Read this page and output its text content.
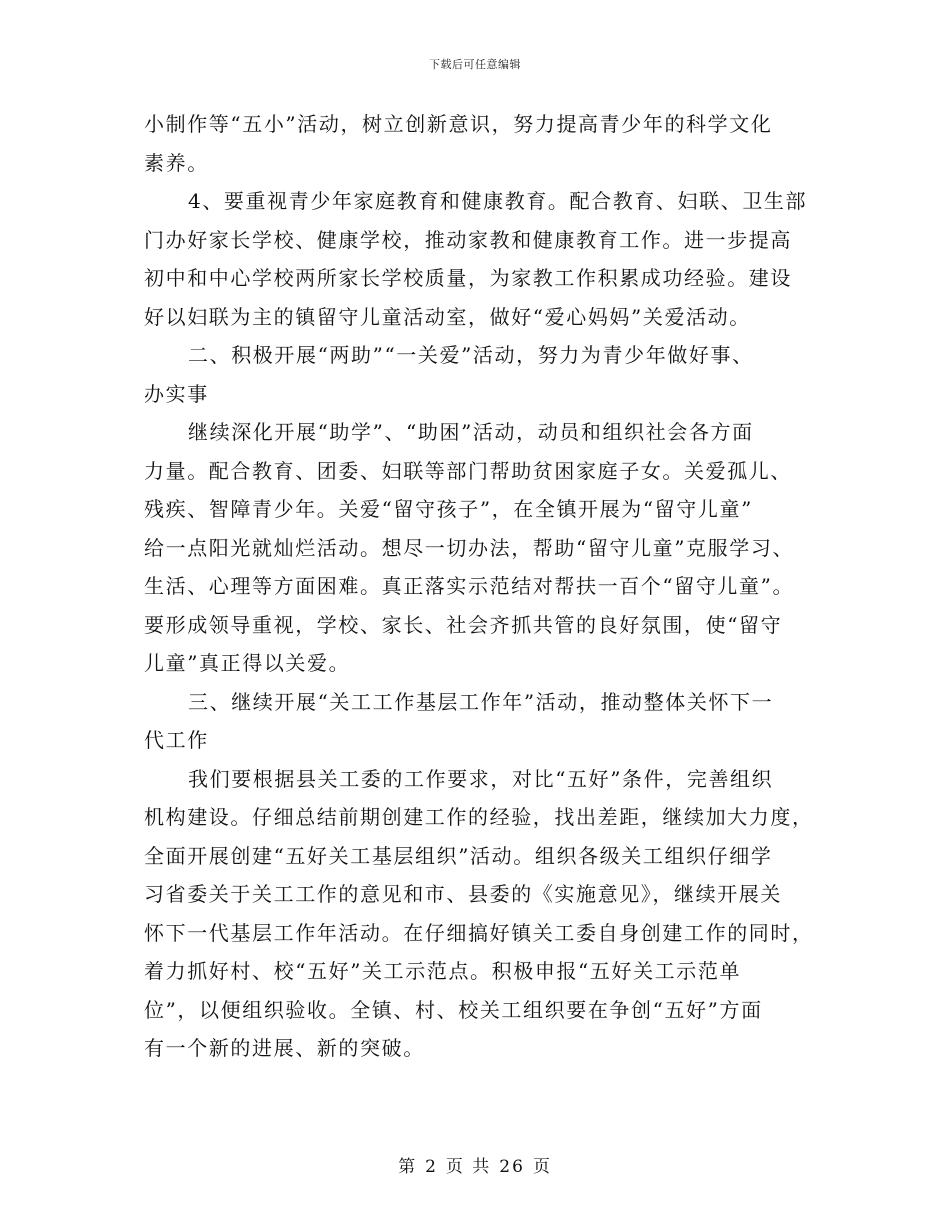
下载后可任意编辑

小制作等“五小”活动，树立创新意识，努力提高青少年的科学文化
素养。

4、要重视青少年家庭教育和健康教育。配合教育、妇联、卫生部
门办好家长学校、健康学校，推动家教和健康教育工作。进一步提高
初中和中心学校两所家长学校质量，为家教工作积累成功经验。建设
好以妇联为主的镇留守儿童活动室，做好“爱心妈妈”关爱活动。

二、积极开展“两助”“一关爱”活动，努力为青少年做好事、
办实事

继续深化开展“助学”、“助困”活动，动员和组织社会各方面
力量。配合教育、团委、妇联等部门帮助贫困家庭子女。关爱孤儿、
残疾、智障青少年。关爱“留守孩子”，在全镇开展为“留守儿童”
给一点阳光就灿烂活动。想尽一切办法，帮助“留守儿童”克服学习、
生活、心理等方面困难。真正落实示范结对帮扶一百个“留守儿童”。
要形成领导重视，学校、家长、社会齐抓共管的良好氛围，使“留守
儿童”真正得以关爱。

三、继续开展“关工工作基层工作年”活动，推动整体关怀下一
代工作

我们要根据县关工委的工作要求，对比“五好”条件，完善组织
机构建设。仔细总结前期创建工作的经验，找出差距，继续加大力度，
全面开展创建“五好关工基层组织”活动。组织各级关工组织仔细学
习省委关于关工工作的意见和市、县委的《实施意见》，继续开展关
怀下一代基层工作年活动。在仔细搞好镇关工委自身创建工作的同时，
着力抓好村、校“五好”关工示范点。积极申报“五好关工示范单
位”，以便组织验收。全镇、村、校关工组织要在争创“五好”方面
有一个新的进展、新的突破。

第 2 页 共 26 页
